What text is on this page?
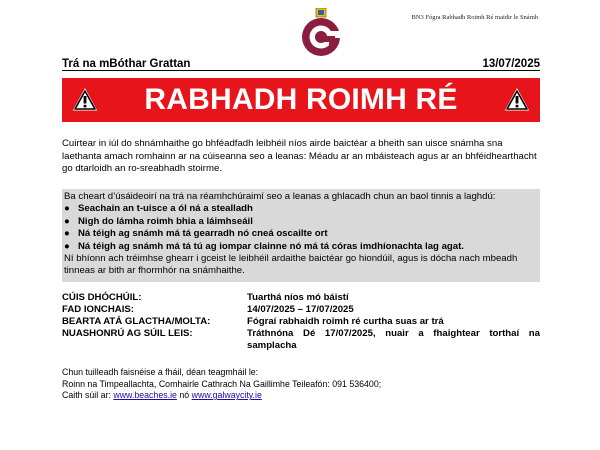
BN3 Fógra Rabhadh Roimh Ré maidir le Snámh
Trá na mBóthar Grattan	13/07/2025
RABHADH ROIMH RÉ

Cuirtear in iúl do shnámhaithe go bhféadfadh leibhéil níos airde baictéar a bheith san uisce snámha sna laethanta amach romhainn ar na cúiseanna seo a leanas: Méadu ar an mbáisteach agus ar an bhféidhearthacht go dtarloidh an ro-sreabhadh stoirme.

Ba cheart d’úsáideoirí na trá na réamhchúraimí seo a leanas a ghlacadh chun an baol tinnis a laghdú:
● Seachain an t-uisce a ól ná a stealladh
● Nigh do lámha roimh bhia a láimhseáil
● Ná téigh ag snámh má tá gearradh nó cneá oscailte ort
● Ná téigh ag snámh má tá tú ag iompar clainne nó má tá córas imdhíonachta lag agat.
Ní bhíonn ach tréimhse ghearr i gceist le leibhéil ardaithe baictéar go hiondúil, agus is dócha nach mbeadh tinneas ar bith ar fhormhór na snámhaithe.
CÚIS DHÓCHÚIL:	Tuarthá níos mó báistí
FAD IONCHAIS:	14/07/2025 – 17/07/2025
BEARTA ATÁ GLACTHA/MOLTA:	Fógraí rabhaidh roimh ré curtha suas ar trá
NUASHONRÚ AG SÚIL LEIS:	Tráthnóna Dé 17/07/2025, nuair a fhaightear torthaí na samplacha
Chun tuilleadh faisnéise a fháil, déan teagmháil le:
Roinn na Timpeallachta, Comhairle Cathrach Na Gaillimhe Teileafón: 091 536400;
Caith súil ar: www.beaches.ie nó www.galwaycity.ie
